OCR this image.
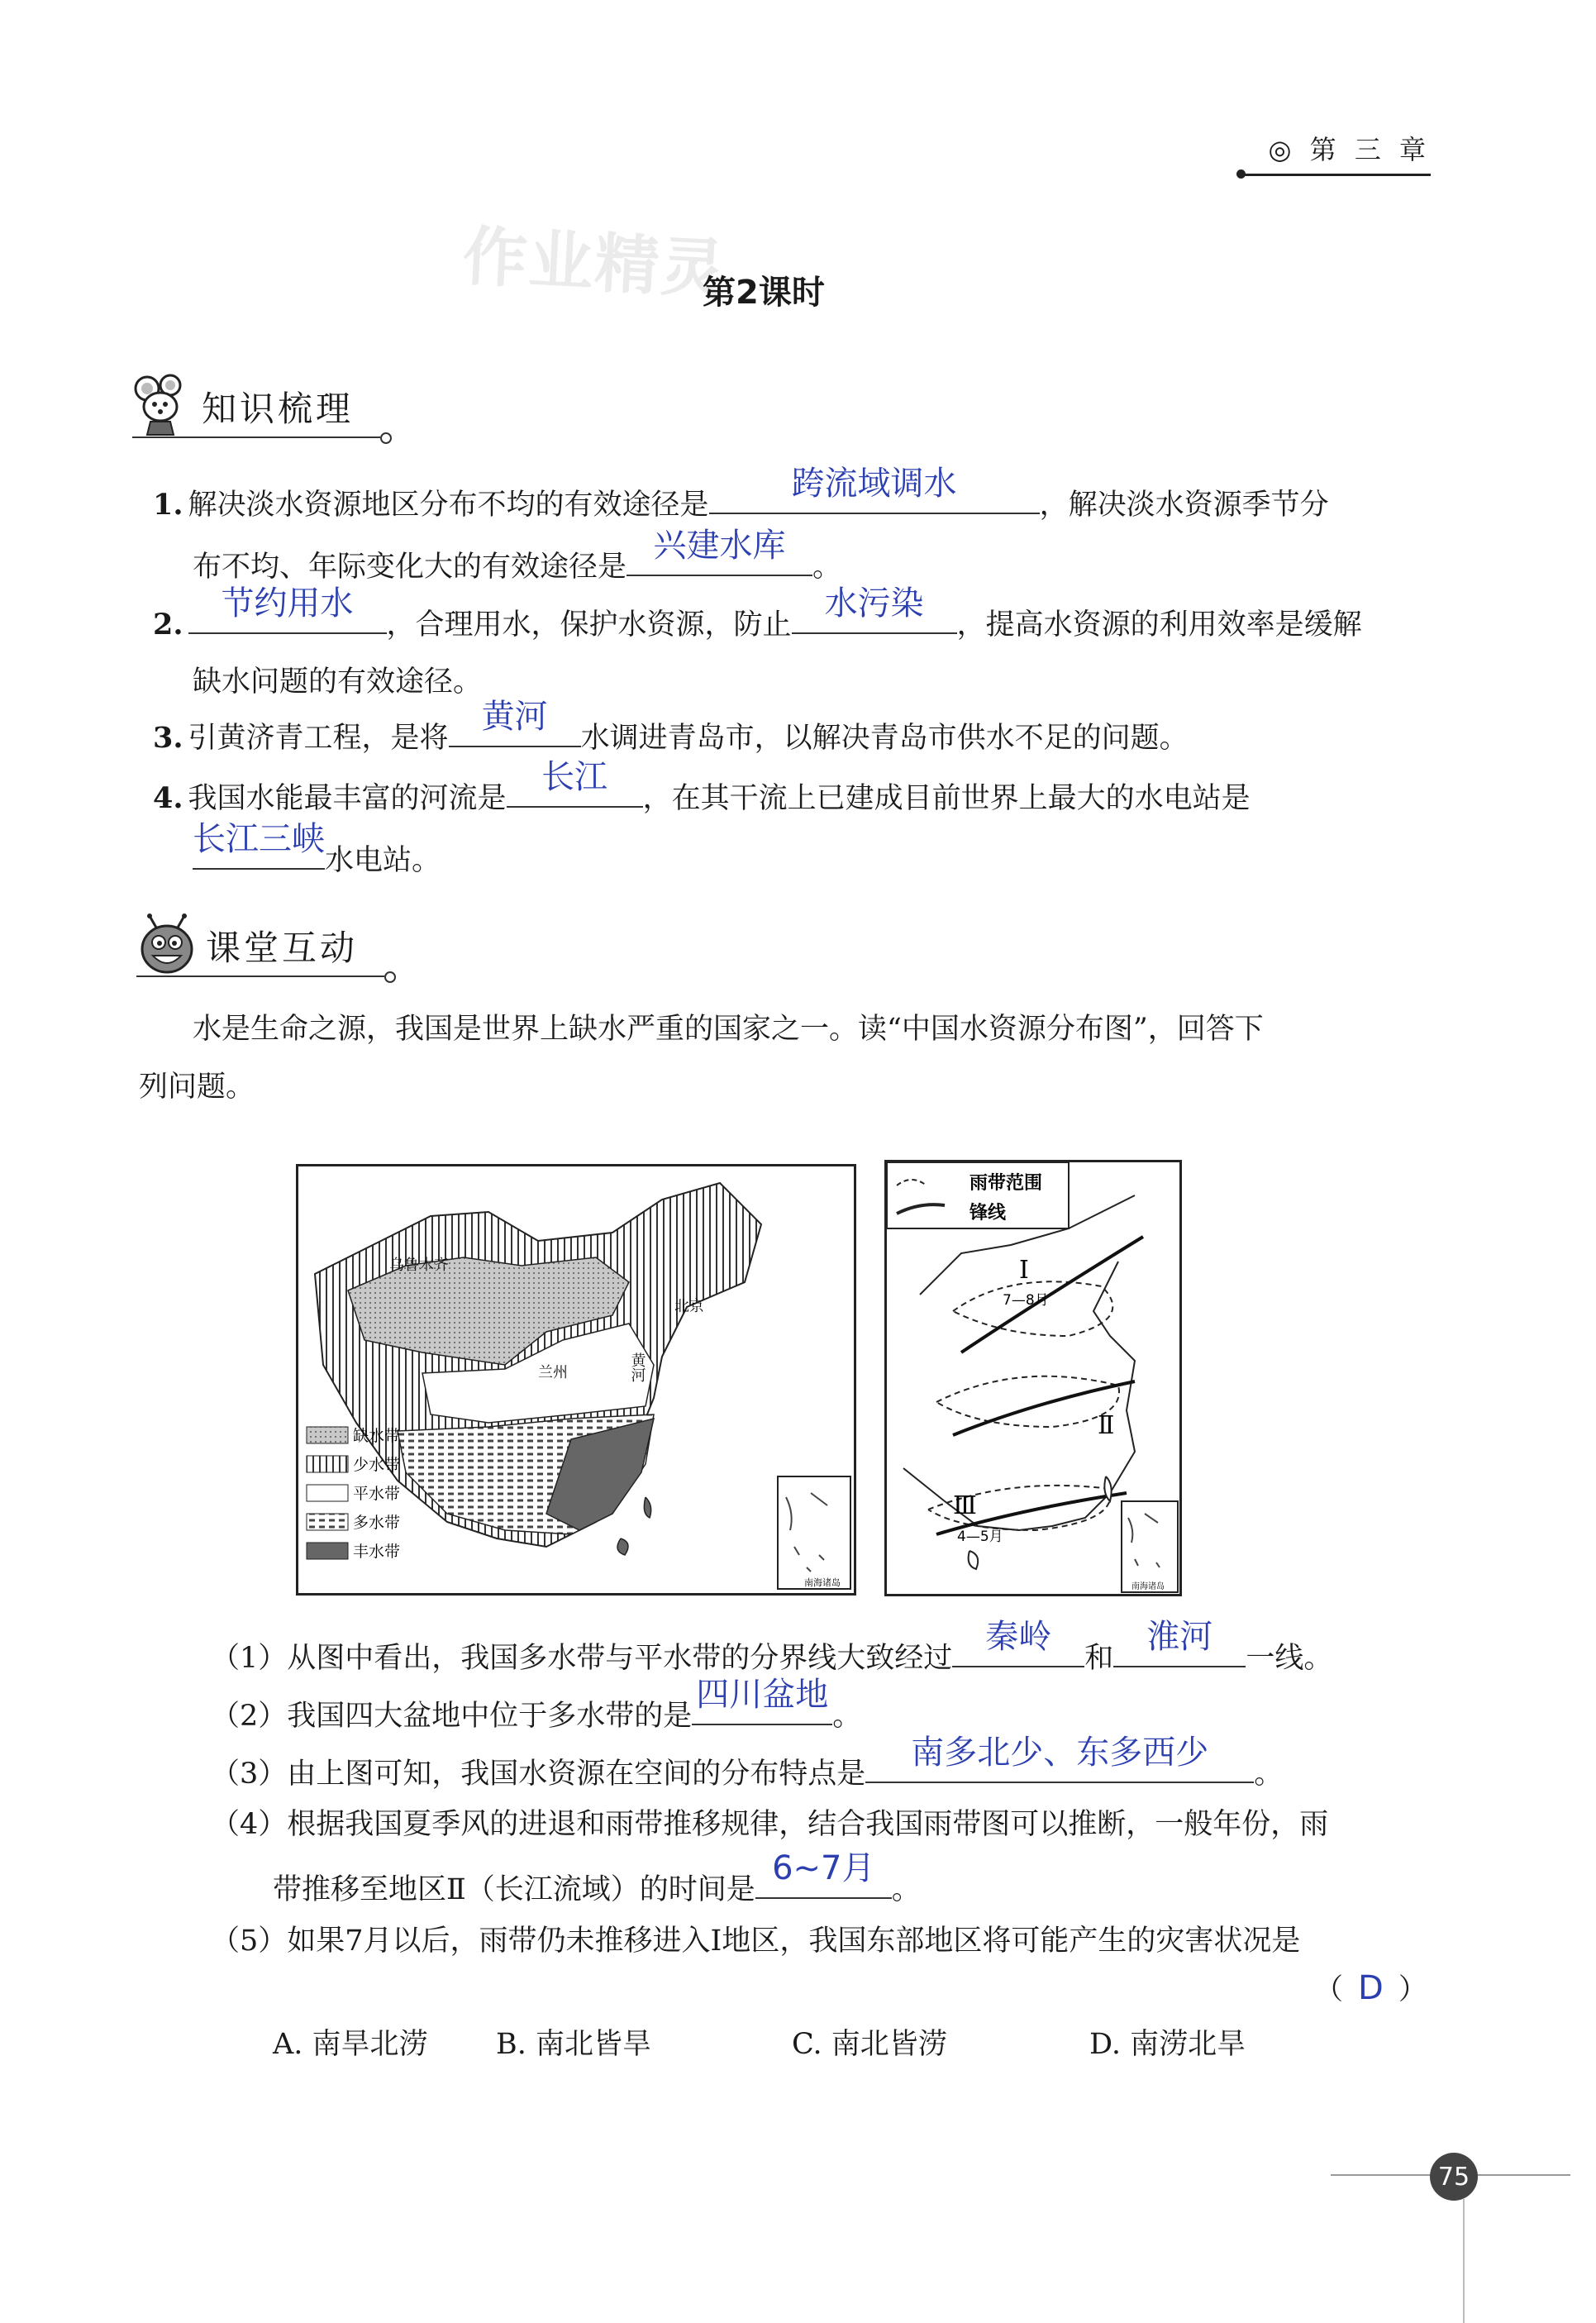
◎ 第 三 章
作业精灵
第2课时
知识梳理
1. 解决淡水资源地区分布不均的有效途径是
跨流域调水
，解决淡水资源季节分
布不均、年际变化大的有效途径是
兴建水库
。
2.
节约用水
，合理用水，保护水资源，防止
水污染
，提高水资源的利用效率是缓解
缺水问题的有效途径。
3. 引黄济青工程，是将
黄河
水调进青岛市，以解决青岛市供水不足的问题。
4. 我国水能最丰富的河流是
长江
，在其干流上已建成目前世界上最大的水电站是
长江三峡
水电站。
课堂互动
水是生命之源，我国是世界上缺水严重的国家之一。读“中国水资源分布图”，回答下
列问题。
乌鲁木齐
北京
兰州	黄河
缺水带
少水带
平水带
多水带
丰水带
南海诸岛
雨带范围
锋线
Ⅰ
7—8月
Ⅱ
Ⅲ
4—5月
南海诸岛
（1）从图中看出，我国多水带与平水带的分界线大致经过
秦岭
和
淮河
一线。
（2）我国四大盆地中位于多水带的是
四川盆地
。
（3）由上图可知，我国水资源在空间的分布特点是
南多北少、东多西少
。
（4）根据我国夏季风的进退和雨带推移规律，结合我国雨带图可以推断，一般年份，雨
带推移至地区Ⅱ（长江流域）的时间是
6~7月
。
（5）如果7月以后，雨带仍未推移进入Ⅰ地区，我国东部地区将可能产生的灾害状况是
（ D ）
A. 南旱北涝 B. 南北皆旱	C. 南北皆涝	D. 南涝北旱
75
